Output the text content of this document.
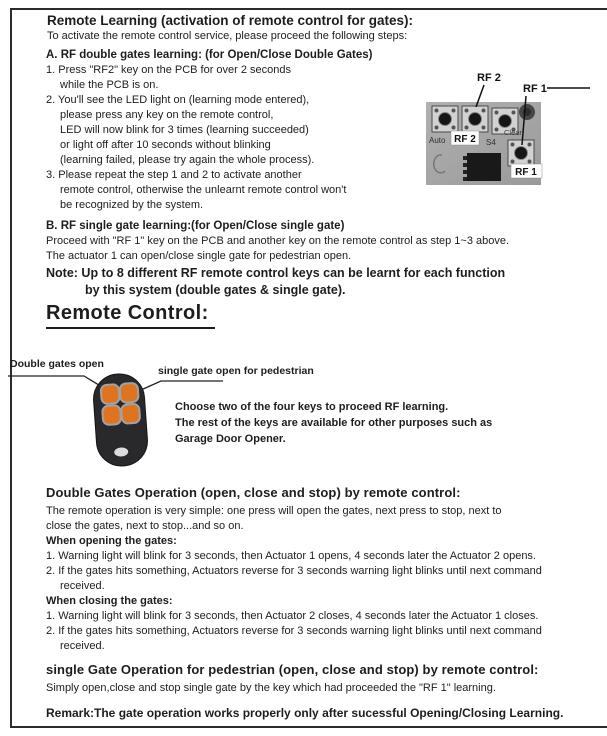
Remote Learning (activation of remote control for gates):
To activate the remote control service, please proceed the following steps:
A. RF double gates learning: (for Open/Close Double Gates)
1. Press "RF2" key on the PCB for over 2 seconds
while the PCB is on.
2. You'll see the LED light on (learning mode entered),
please press any key on the remote control,
LED will now blink for 3 times (learning succeeded)
or light off after 10 seconds without blinking
(learning failed, please try again the whole process).
3. Please repeat the step 1 and 2 to activate another
remote control, otherwise the unlearnt remote control won't
be recognized by the system.
Auto RF 2 S4
Clear
RF 1
RF 2
RF 1
B. RF single gate learning:(for Open/Close single gate)
Proceed with "RF 1" key on the PCB and another key on the remote control as step 1~3 above.
The actuator 1 can open/close single gate for pedestrian open.
Note: Up to 8 different RF remote control keys can be learnt for each function
by this system (double gates & single gate).
Remote Control:
Double gates open
single gate open for pedestrian
Choose two of the four keys to proceed RF learning.
The rest of the keys are available for other purposes such as
Garage Door Opener.
Double Gates Operation (open, close and stop) by remote control:
The remote operation is very simple: one press will open the gates, next press to stop, next to
close the gates, next to stop...and so on.
When opening the gates:
1. Warning light will blink for 3 seconds, then Actuator 1 opens, 4 seconds later the Actuator 2 opens.
2. If the gates hits something, Actuators reverse for 3 seconds warning light blinks until next command
received.
When closing the gates:
1. Warning light will blink for 3 seconds, then Actuator 2 closes, 4 seconds later the Actuator 1 closes.
2. If the gates hits something, Actuators reverse for 3 seconds warning light blinks until next command
received.
single Gate Operation for pedestrian (open, close and stop) by remote control:
Simply open,close and stop single gate by the key which had proceeded the "RF 1" learning.
Remark:The gate operation works properly only after sucessful Opening/Closing Learning.
